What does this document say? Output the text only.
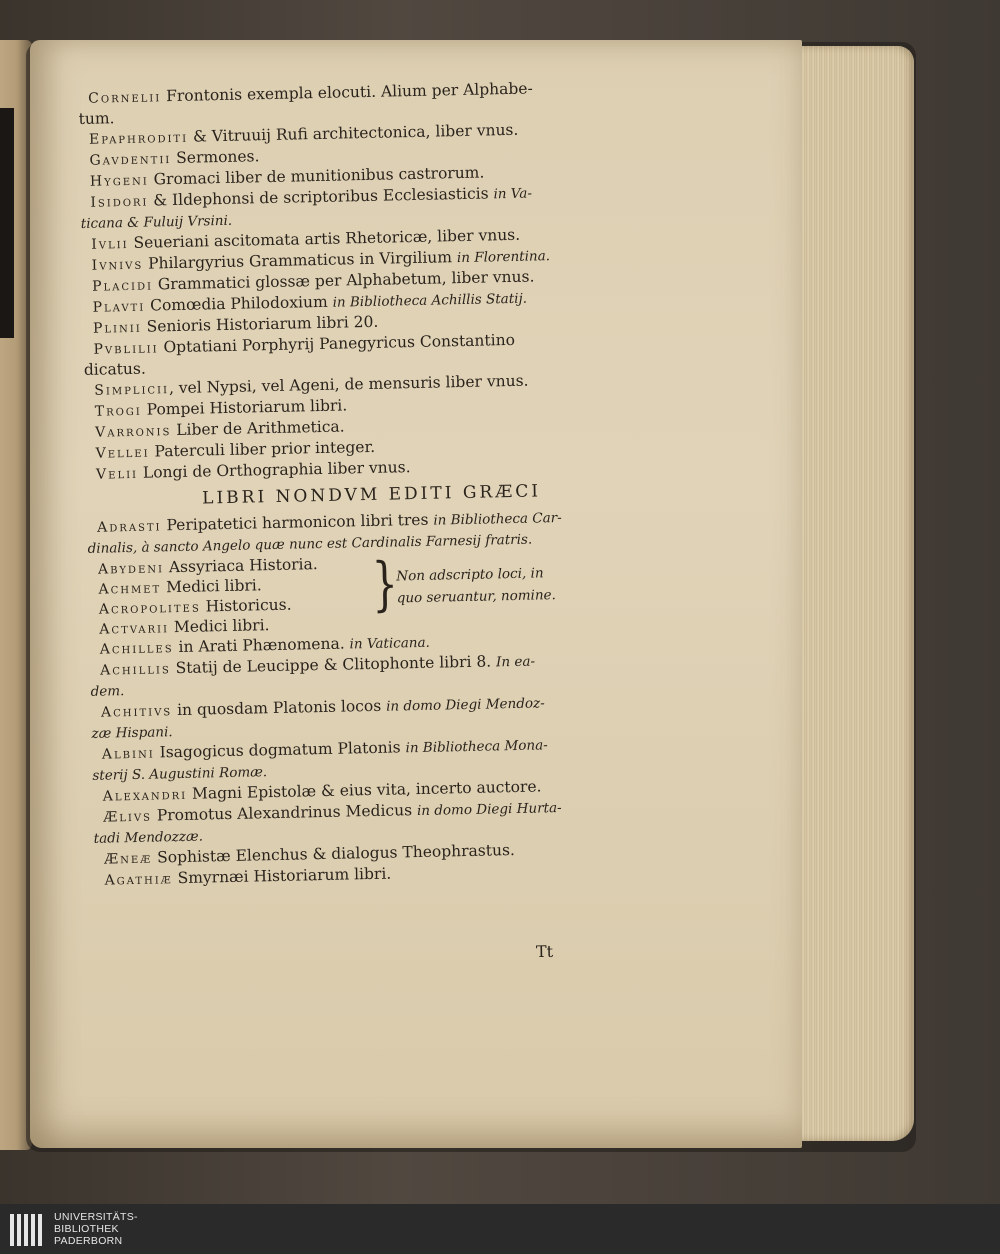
Cornelii Frontonis exempla elocuti. Alium per Alphabe-
tum.
Epaphroditi & Vitruuij Rufi architectonica, liber vnus.
Gavdentii Sermones.
Hygeni Gromaci liber de munitionibus castrorum.
Isidori & Ildephonsi de scriptoribus Ecclesiasticis in Va-
ticana & Fuluij Vrsini.
Ivlii Seueriani ascitomata artis Rhetoricæ, liber vnus.
Ivnivs Philargyrius Grammaticus in Virgilium in Florentina.
Placidi Grammatici glossæ per Alphabetum, liber vnus.
Plavti Comœdia Philodoxium in Bibliotheca Achillis Statij.
Plinii Senioris Historiarum libri 20.
Pvblilii Optatiani Porphyrij Panegyricus Constantino
dicatus.
Simplicii, vel Nypsi, vel Ageni, de mensuris liber vnus.
Trogi Pompei Historiarum libri.
Varronis Liber de Arithmetica.
Vellei Paterculi liber prior integer.
Velii Longi de Orthographia liber vnus.
LIBRI NONDVM EDITI GRÆCI
Adrasti Peripatetici harmonicon libri tres in Bibliotheca Car-
dinalis, à sancto Angelo quæ nunc est Cardinalis Farnesij fratris.
Abydeni Assyriaca Historia.
Achmet Medici libri.
Acropolites Historicus.
Actvarii Medici libri.
}
Non adscripto loci, in
quo seruantur, nomine.
Achilles in Arati Phænomena. in Vaticana.
Achillis Statij de Leucippe & Clitophonte libri 8. In ea-
dem.
Achitivs in quosdam Platonis locos in domo Diegi Mendoz-
zæ Hispani.
Albini Isagogicus dogmatum Platonis in Bibliotheca Mona-
sterij S. Augustini Romæ.
Alexandri Magni Epistolæ & eius vita, incerto auctore.
Ælivs Promotus Alexandrinus Medicus in domo Diegi Hurta-
tadi Mendozzæ.
Æneæ Sophistæ Elenchus & dialogus Theophrastus.
Agathiæ Smyrnæi Historiarum libri.
Tt
UNIVERSITÄTS-
BIBLIOTHEK
PADERBORN
